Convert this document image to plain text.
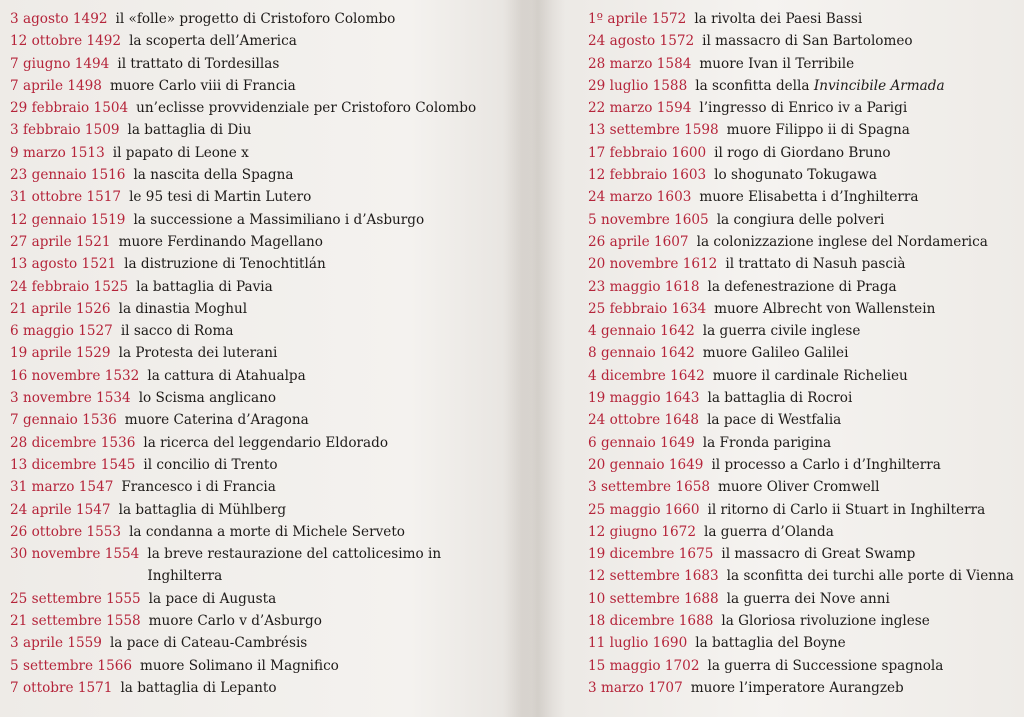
3 agosto 1492 il «folle» progetto di Cristoforo Colombo
12 ottobre 1492 la scoperta dell’America
7 giugno 1494 il trattato di Tordesillas
7 aprile 1498 muore Carlo viii di Francia
29 febbraio 1504 un’eclisse provvidenziale per Cristoforo Colombo
3 febbraio 1509 la battaglia di Diu
9 marzo 1513 il papato di Leone x
23 gennaio 1516 la nascita della Spagna
31 ottobre 1517 le 95 tesi di Martin Lutero
12 gennaio 1519 la successione a Massimiliano i d’Asburgo
27 aprile 1521 muore Ferdinando Magellano
13 agosto 1521 la distruzione di Tenochtitlán
24 febbraio 1525 la battaglia di Pavia
21 aprile 1526 la dinastia Moghul
6 maggio 1527 il sacco di Roma
19 aprile 1529 la Protesta dei luterani
16 novembre 1532 la cattura di Atahualpa
3 novembre 1534 lo Scisma anglicano
7 gennaio 1536 muore Caterina d’Aragona
28 dicembre 1536 la ricerca del leggendario Eldorado
13 dicembre 1545 il concilio di Trento
31 marzo 1547 Francesco i di Francia
24 aprile 1547 la battaglia di Mühlberg
26 ottobre 1553 la condanna a morte di Michele Serveto
30 novembre 1554 la breve restaurazione del cattolicesimo in Inghilterra
25 settembre 1555 la pace di Augusta
21 settembre 1558 muore Carlo v d’Asburgo
3 aprile 1559 la pace di Cateau-Cambrésis
5 settembre 1566 muore Solimano il Magnifico
7 ottobre 1571 la battaglia di Lepanto
1º aprile 1572 la rivolta dei Paesi Bassi
24 agosto 1572 il massacro di San Bartolomeo
28 marzo 1584 muore Ivan il Terribile
29 luglio 1588 la sconfitta della Invincibile Armada
22 marzo 1594 l’ingresso di Enrico iv a Parigi
13 settembre 1598 muore Filippo ii di Spagna
17 febbraio 1600 il rogo di Giordano Bruno
12 febbraio 1603 lo shogunato Tokugawa
24 marzo 1603 muore Elisabetta i d’Inghilterra
5 novembre 1605 la congiura delle polveri
26 aprile 1607 la colonizzazione inglese del Nordamerica
20 novembre 1612 il trattato di Nasuh pascià
23 maggio 1618 la defenestrazione di Praga
25 febbraio 1634 muore Albrecht von Wallenstein
4 gennaio 1642 la guerra civile inglese
8 gennaio 1642 muore Galileo Galilei
4 dicembre 1642 muore il cardinale Richelieu
19 maggio 1643 la battaglia di Rocroi
24 ottobre 1648 la pace di Westfalia
6 gennaio 1649 la Fronda parigina
20 gennaio 1649 il processo a Carlo i d’Inghilterra
3 settembre 1658 muore Oliver Cromwell
25 maggio 1660 il ritorno di Carlo ii Stuart in Inghilterra
12 giugno 1672 la guerra d’Olanda
19 dicembre 1675 il massacro di Great Swamp
12 settembre 1683 la sconfitta dei turchi alle porte di Vienna
10 settembre 1688 la guerra dei Nove anni
18 dicembre 1688 la Gloriosa rivoluzione inglese
11 luglio 1690 la battaglia del Boyne
15 maggio 1702 la guerra di Successione spagnola
3 marzo 1707 muore l’imperatore Aurangzeb
